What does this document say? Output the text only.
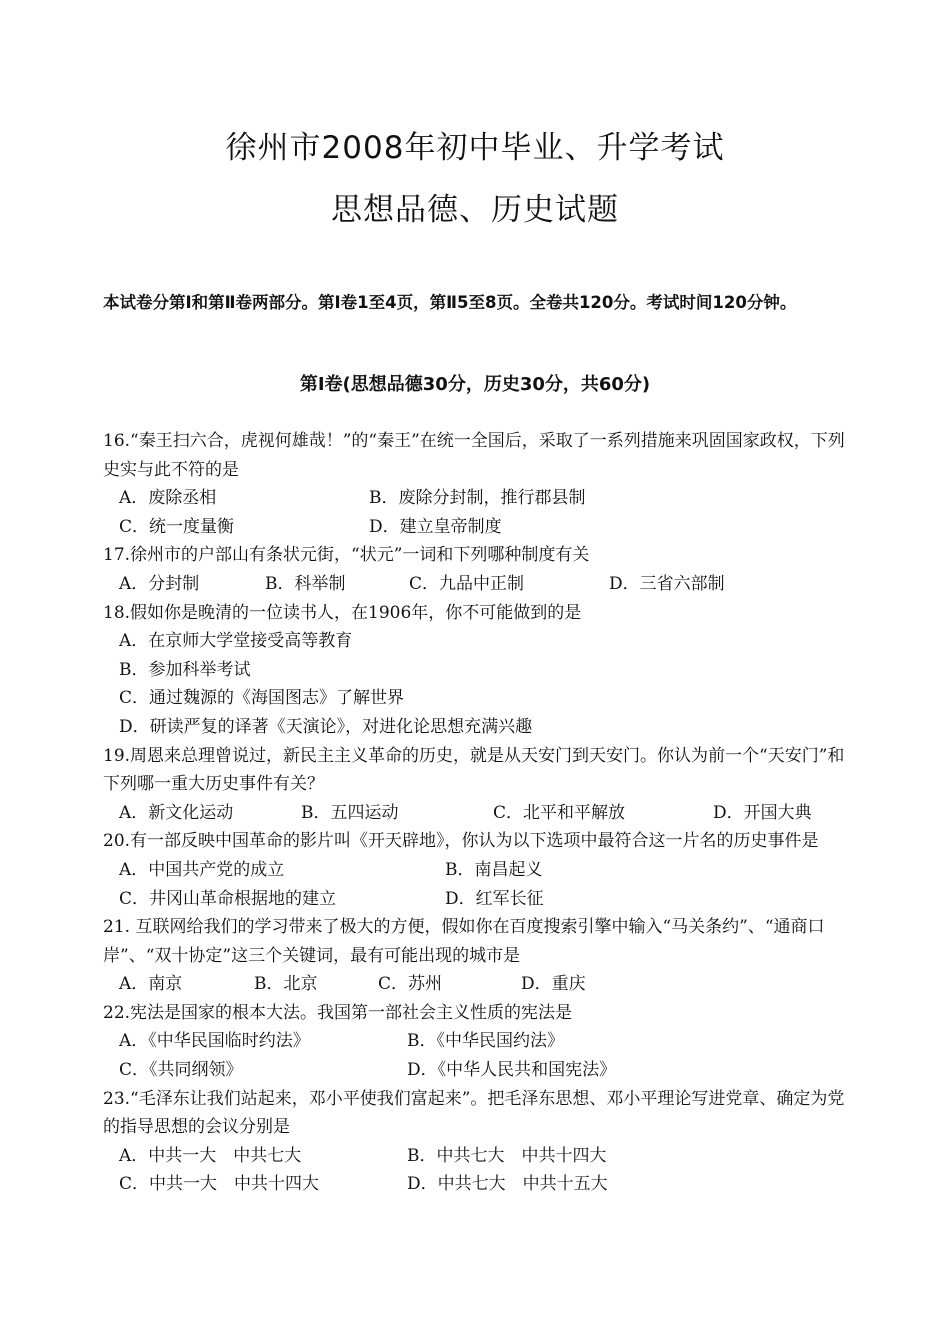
徐州市2008年初中毕业、升学考试
思想品德、历史试题
本试卷分第Ⅰ和第Ⅱ卷两部分。第Ⅰ卷1至4页，第Ⅱ5至8页。全卷共120分。考试时间120分钟。
第Ⅰ卷(思想品德30分，历史30分，共60分)
16.“秦王扫六合，虎视何雄哉！”的“秦王”在统一全国后，采取了一系列措施来巩固国家政权，下列史实与此不符的是
A．废除丞相	B．废除分封制，推行郡县制
C．统一度量衡	D．建立皇帝制度
17.徐州市的户部山有条状元街，“状元”一词和下列哪种制度有关
A．分封制	B．科举制	C．九品中正制	D．三省六部制
18.假如你是晚清的一位读书人，在1906年，你不可能做到的是
A．在京师大学堂接受高等教育
B．参加科举考试
C．通过魏源的《海国图志》了解世界
D．研读严复的译著《天演论》，对进化论思想充满兴趣
19.周恩来总理曾说过，新民主主义革命的历史，就是从天安门到天安门。你认为前一个“天安门”和下列哪一重大历史事件有关？
A．新文化运动	B．五四运动	C．北平和平解放	D．开国大典
20.有一部反映中国革命的影片叫《开天辟地》，你认为以下选项中最符合这一片名的历史事件是
A．中国共产党的成立	B．南昌起义
C．井冈山革命根据地的建立	D．红军长征
21. 互联网给我们的学习带来了极大的方便，假如你在百度搜索引擎中输入“马关条约”、“通商口岸”、“双十协定”这三个关键词，最有可能出现的城市是
A．南京	B．北京	C．苏州	D．重庆
22.宪法是国家的根本大法。我国第一部社会主义性质的宪法是
A．《中华民国临时约法》	B．《中华民国约法》
C．《共同纲领》	D．《中华人民共和国宪法》
23.“毛泽东让我们站起来，邓小平使我们富起来”。把毛泽东思想、邓小平理论写进党章、确定为党的指导思想的会议分别是
A．中共一大　中共七大	B．中共七大　中共十四大
C．中共一大　中共十四大	D．中共七大　中共十五大
